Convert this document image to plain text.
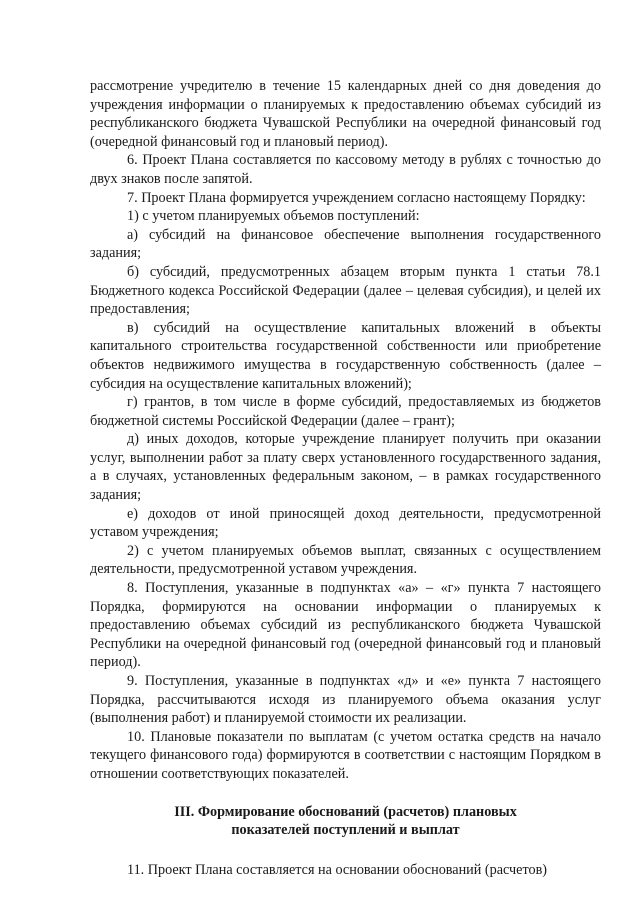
рассмотрение учредителю в течение 15 календарных дней со дня доведения до учреждения информации о планируемых к предоставлению объемах субсидий из республиканского бюджета Чувашской Республики на очередной финансовый год (очередной финансовый год и плановый период).

6. Проект Плана составляется по кассовому методу в рублях с точностью до двух знаков после запятой.

7. Проект Плана формируется учреждением согласно настоящему Порядку:

1) с учетом планируемых объемов поступлений:

а) субсидий на финансовое обеспечение выполнения государственного задания;

б) субсидий, предусмотренных абзацем вторым пункта 1 статьи 78.1 Бюджетного кодекса Российской Федерации (далее – целевая субсидия), и целей их предоставления;

в) субсидий на осуществление капитальных вложений в объекты капитального строительства государственной собственности или приобретение объектов недвижимого имущества в государственную собственность (далее – субсидия на осуществление капитальных вложений);

г) грантов, в том числе в форме субсидий, предоставляемых из бюджетов бюджетной системы Российской Федерации (далее – грант);

д) иных доходов, которые учреждение планирует получить при оказании услуг, выполнении работ за плату сверх установленного государственного задания, а в случаях, установленных федеральным законом, – в рамках государственного задания;

е) доходов от иной приносящей доход деятельности, предусмотренной уставом учреждения;

2) с учетом планируемых объемов выплат, связанных с осуществлением деятельности, предусмотренной уставом учреждения.

8. Поступления, указанные в подпунктах «а» – «г» пункта 7 настоящего Порядка, формируются на основании информации о планируемых к предоставлению объемах субсидий из республиканского бюджета Чувашской Республики на очередной финансовый год (очередной финансовый год и плановый период).

9. Поступления, указанные в подпунктах «д» и «е» пункта 7 настоящего Порядка, рассчитываются исходя из планируемого объема оказания услуг (выполнения работ) и планируемой стоимости их реализации.

10. Плановые показатели по выплатам (с учетом остатка средств на начало текущего финансового года) формируются в соответствии с настоящим Порядком в отношении соответствующих показателей.

III. Формирование обоснований (расчетов) плановых
показателей поступлений и выплат

11. Проект Плана составляется на основании обоснований (расчетов)
